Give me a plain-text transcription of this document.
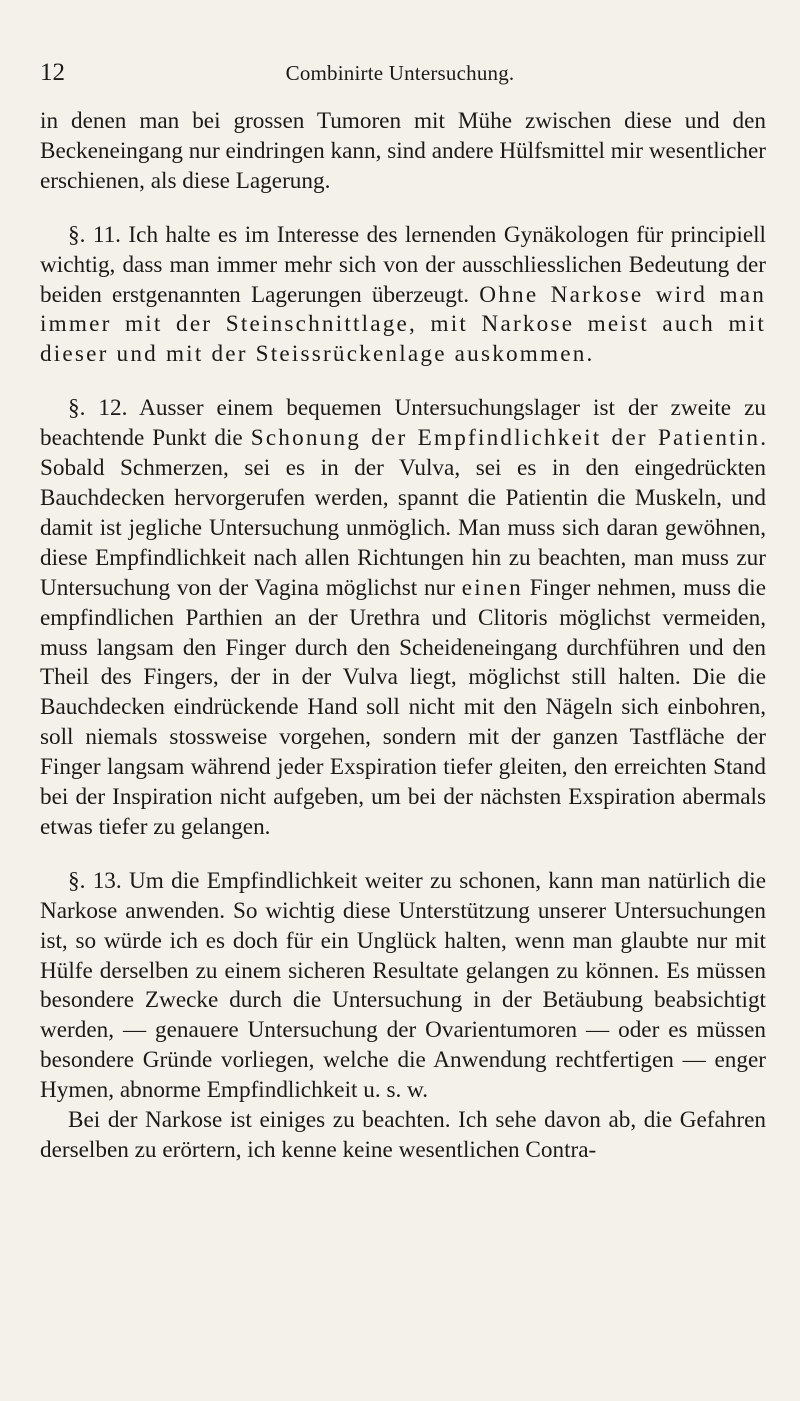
12	Combinirte Untersuchung.

in denen man bei grossen Tumoren mit Mühe zwischen diese und den Beckeneingang nur eindringen kann, sind andere Hülfsmittel mir wesentlicher erschienen, als diese Lagerung.

§. 11. Ich halte es im Interesse des lernenden Gynäkologen für principiell wichtig, dass man immer mehr sich von der ausschliesslichen Bedeutung der beiden erstgenannten Lagerungen überzeugt. Ohne Narkose wird man immer mit der Steinschnittlage, mit Narkose meist auch mit dieser und mit der Steissrückenlage auskommen.

§. 12. Ausser einem bequemen Untersuchungslager ist der zweite zu beachtende Punkt die Schonung der Empfindlichkeit der Patientin. Sobald Schmerzen, sei es in der Vulva, sei es in den eingedrückten Bauchdecken hervorgerufen werden, spannt die Patientin die Muskeln, und damit ist jegliche Untersuchung unmöglich. Man muss sich daran gewöhnen, diese Empfindlichkeit nach allen Richtungen hin zu beachten, man muss zur Untersuchung von der Vagina möglichst nur einen Finger nehmen, muss die empfindlichen Parthien an der Urethra und Clitoris möglichst vermeiden, muss langsam den Finger durch den Scheideneingang durchführen und den Theil des Fingers, der in der Vulva liegt, möglichst still halten. Die die Bauchdecken eindrückende Hand soll nicht mit den Nägeln sich einbohren, soll niemals stossweise vorgehen, sondern mit der ganzen Tastfläche der Finger langsam während jeder Exspiration tiefer gleiten, den erreichten Stand bei der Inspiration nicht aufgeben, um bei der nächsten Exspiration abermals etwas tiefer zu gelangen.

§. 13. Um die Empfindlichkeit weiter zu schonen, kann man natürlich die Narkose anwenden. So wichtig diese Unterstützung unserer Untersuchungen ist, so würde ich es doch für ein Unglück halten, wenn man glaubte nur mit Hülfe derselben zu einem sicheren Resultate gelangen zu können. Es müssen besondere Zwecke durch die Untersuchung in der Betäubung beabsichtigt werden, — genauere Untersuchung der Ovarientumoren — oder es müssen besondere Gründe vorliegen, welche die Anwendung rechtfertigen — enger Hymen, abnorme Empfindlichkeit u. s. w.

Bei der Narkose ist einiges zu beachten. Ich sehe davon ab, die Gefahren derselben zu erörtern, ich kenne keine wesentlichen Contra-
